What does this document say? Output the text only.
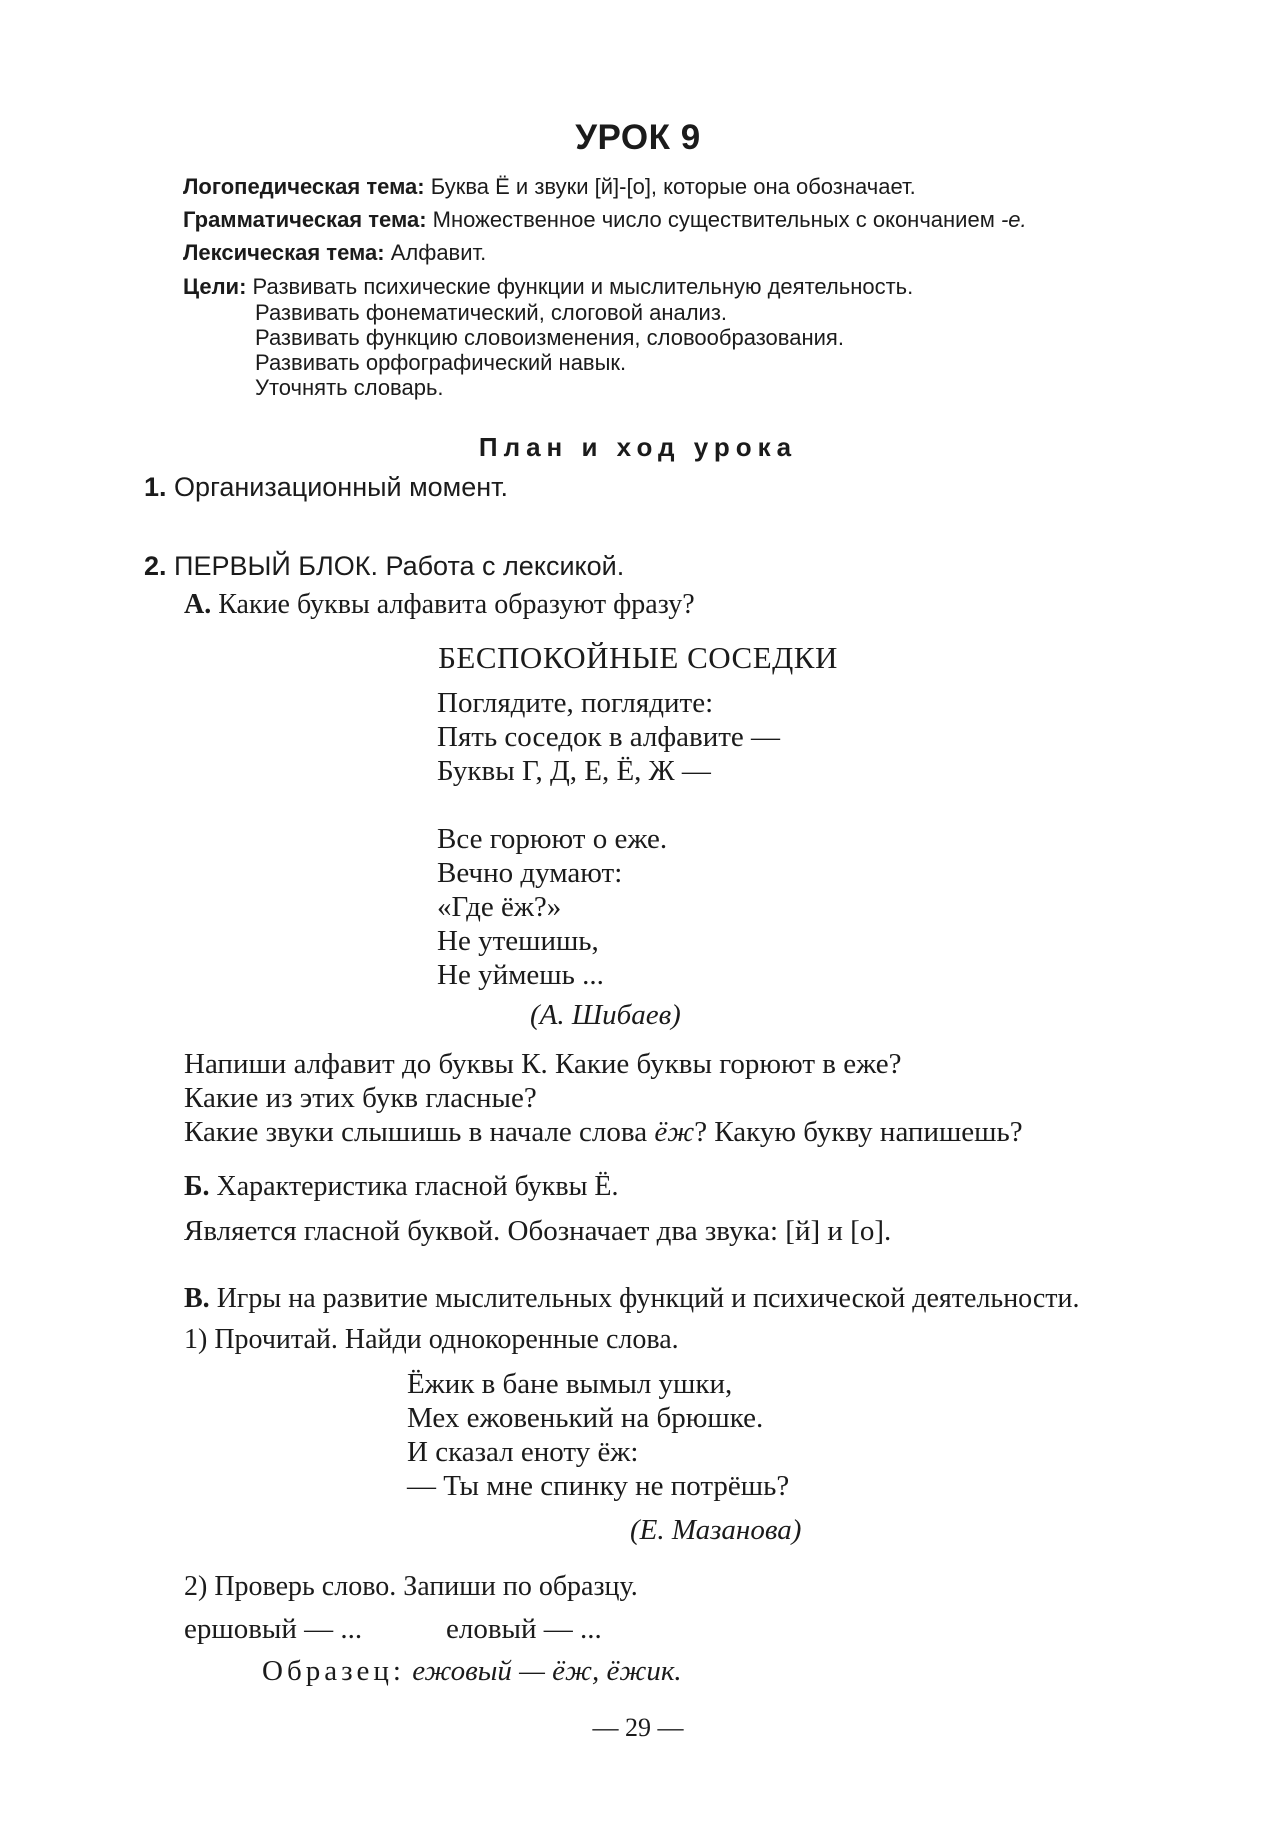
УРОК 9
Логопедическая тема: Буква Ё и звуки [й]-[о], которые она обозначает.
Грамматическая тема: Множественное число существительных с окончанием -е.
Лексическая тема: Алфавит.
Цели: Развивать психические функции и мыслительную деятельность.
Развивать фонематический, слоговой анализ.
Развивать функцию словоизменения, словообразования.
Развивать орфографический навык.
Уточнять словарь.
План и ход урока
1. Организационный момент.
2. ПЕРВЫЙ БЛОК. Работа с лексикой.
А. Какие буквы алфавита образуют фразу?
БЕСПОКОЙНЫЕ СОСЕДКИ
Поглядите, поглядите:
Пять соседок в алфавите —
Буквы Г, Д, Е, Ё, Ж —
Все горюют о еже.
Вечно думают:
«Где ёж?»
Не утешишь,
Не уймешь ...
(А. Шибаев)
Напиши алфавит до буквы К. Какие буквы горюют в еже?
Какие из этих букв гласные?
Какие звуки слышишь в начале слова ёж? Какую букву напишешь?
Б. Характеристика гласной буквы Ё.
Является гласной буквой. Обозначает два звука: [й] и [о].
В. Игры на развитие мыслительных функций и психической деятельности.
1) Прочитай. Найди однокоренные слова.
Ёжик в бане вымыл ушки,
Мех ежовенький на брюшке.
И сказал еноту ёж:
— Ты мне спинку не потрёшь?
(Е. Мазанова)
2) Проверь слово. Запиши по образцу.
ершовый — ...	еловый — ...
Образец: ежовый — ёж, ёжик.
— 29 —
